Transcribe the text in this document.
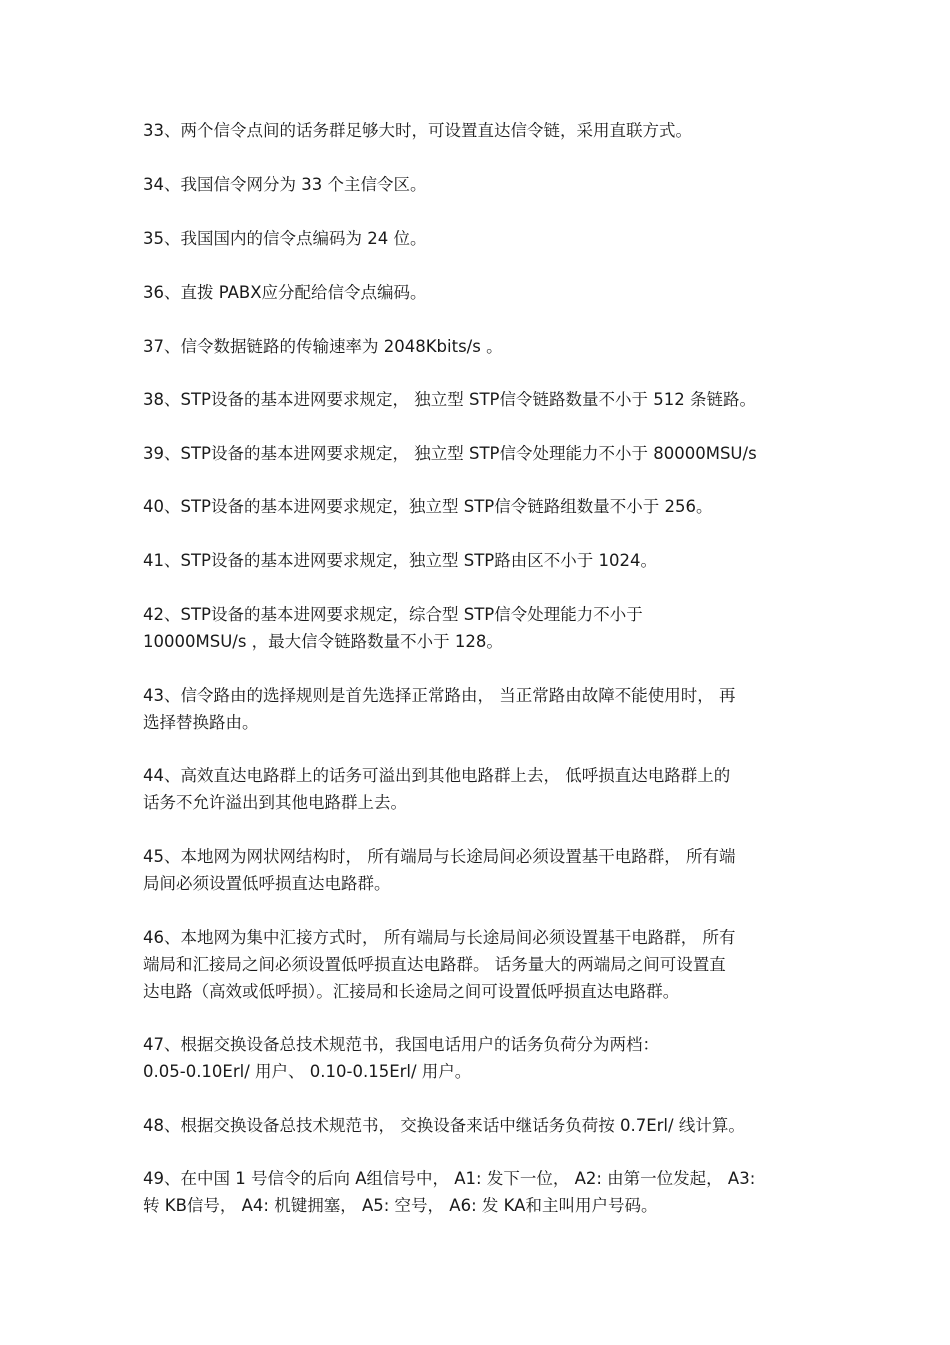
33、两个信令点间的话务群足够大时，可设置直达信令链，采用直联方式。
34、我国信令网分为 33 个主信令区。
35、我国国内的信令点编码为 24 位。
36、直拨 PABX应分配给信令点编码。
37、信令数据链路的传输速率为 2048Kbits/s 。
38、STP设备的基本进网要求规定， 独立型 STP信令链路数量不小于 512 条链路。
39、STP设备的基本进网要求规定， 独立型 STP信令处理能力不小于 80000MSU/s
40、STP设备的基本进网要求规定，独立型 STP信令链路组数量不小于 256。
41、STP设备的基本进网要求规定，独立型 STP路由区不小于 1024。
42、STP设备的基本进网要求规定，综合型 STP信令处理能力不小于
10000MSU/s ，最大信令链路数量不小于 128。
43、信令路由的选择规则是首先选择正常路由， 当正常路由故障不能使用时， 再
选择替换路由。
44、高效直达电路群上的话务可溢出到其他电路群上去， 低呼损直达电路群上的
话务不允许溢出到其他电路群上去。
45、本地网为网状网结构时， 所有端局与长途局间必须设置基干电路群， 所有端
局间必须设置低呼损直达电路群。
46、本地网为集中汇接方式时， 所有端局与长途局间必须设置基干电路群， 所有
端局和汇接局之间必须设置低呼损直达电路群。 话务量大的两端局之间可设置直
达电路（高效或低呼损）。汇接局和长途局之间可设置低呼损直达电路群。
47、根据交换设备总技术规范书，我国电话用户的话务负荷分为两档：
0.05-0.10Erl/ 用户、 0.10-0.15Erl/ 用户。
48、根据交换设备总技术规范书， 交换设备来话中继话务负荷按 0.7Erl/ 线计算。
49、在中国 1 号信令的后向 A组信号中， A1: 发下一位， A2: 由第一位发起， A3:
转 KB信号， A4: 机键拥塞， A5: 空号， A6: 发 KA和主叫用户号码。
